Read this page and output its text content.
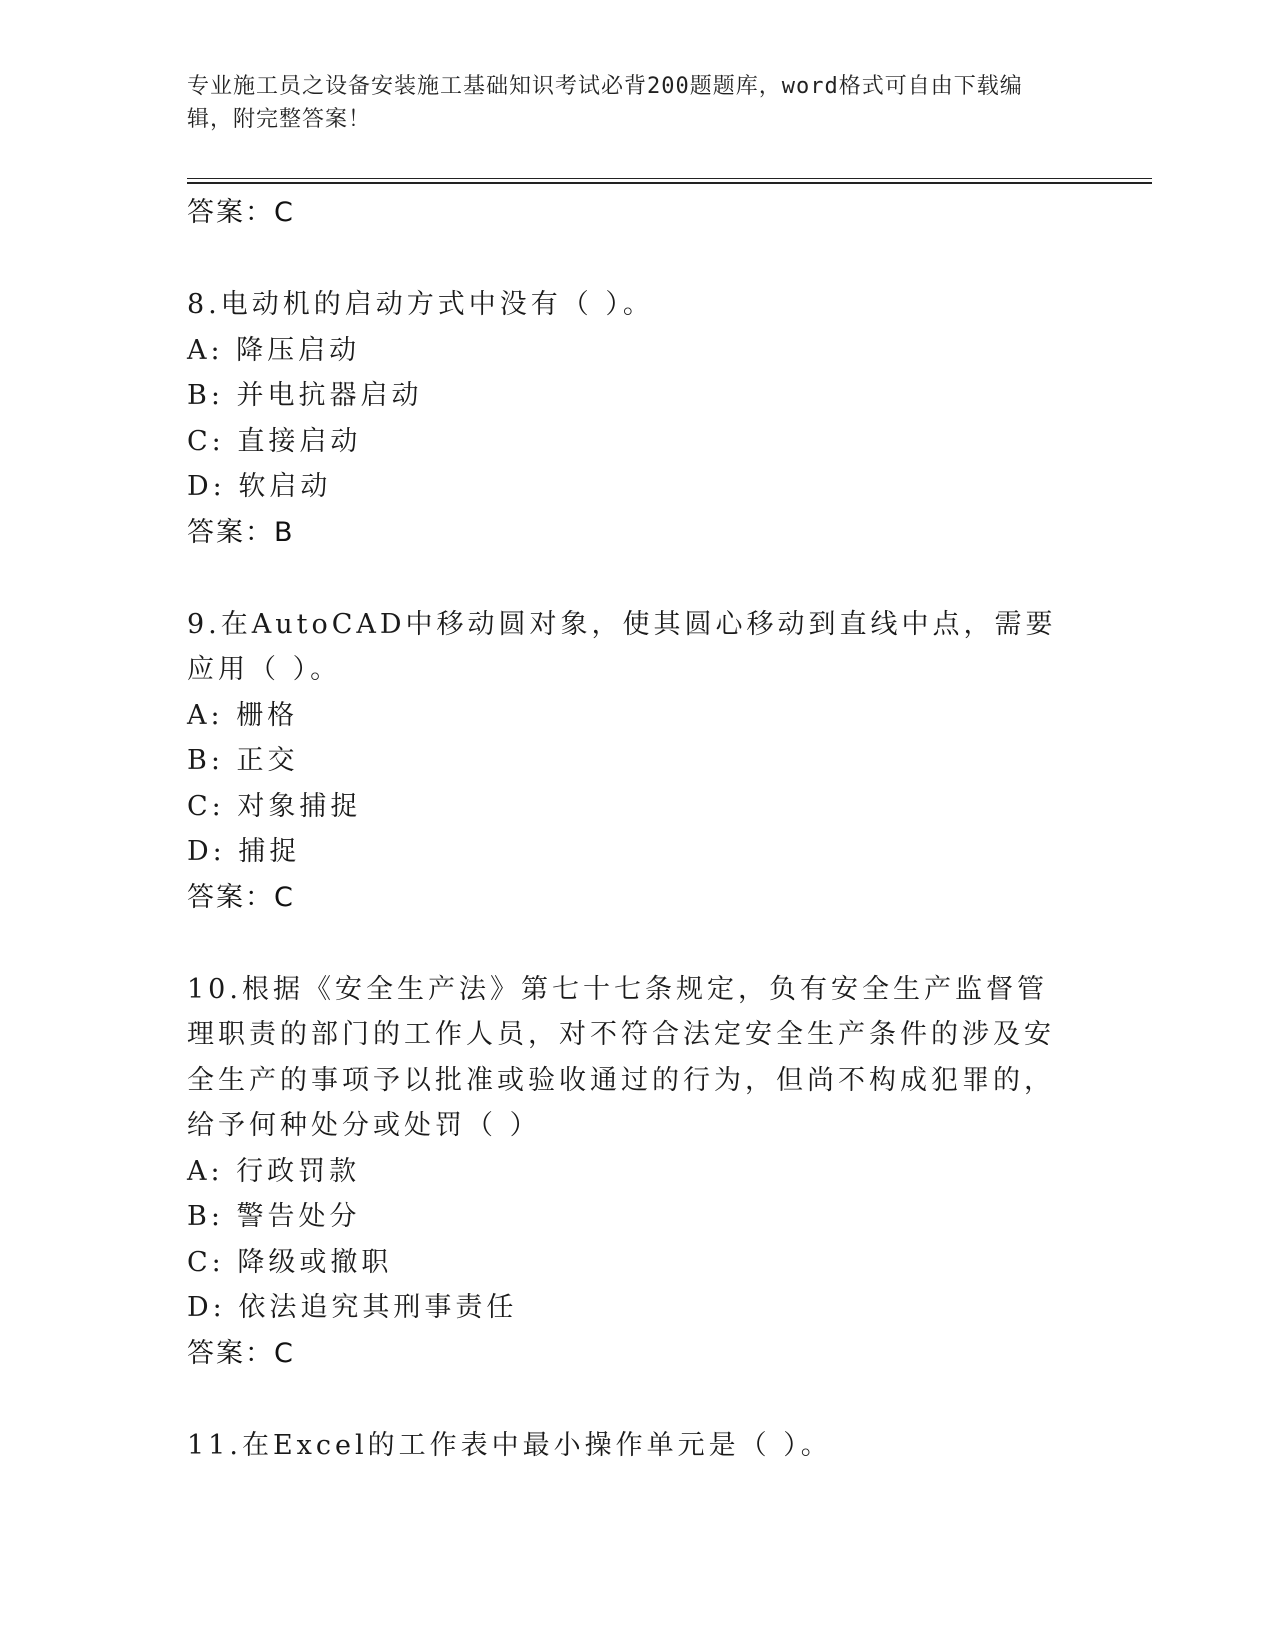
专业施工员之设备安装施工基础知识考试必背200题题库，word格式可自由下载编辑，附完整答案！
答案：C
8.电动机的启动方式中没有（ ）。
A: 降压启动
B: 并电抗器启动
C: 直接启动
D: 软启动
答案：B
9.在AutoCAD中移动圆对象，使其圆心移动到直线中点，需要应用（ ）。
A: 栅格
B: 正交
C: 对象捕捉
D: 捕捉
答案：C
10.根据《安全生产法》第七十七条规定，负有安全生产监督管理职责的部门的工作人员，对不符合法定安全生产条件的涉及安全生产的事项予以批准或验收通过的行为，但尚不构成犯罪的，给予何种处分或处罚（ ）
A: 行政罚款
B: 警告处分
C: 降级或撤职
D: 依法追究其刑事责任
答案：C
11.在Excel的工作表中最小操作单元是（ ）。
